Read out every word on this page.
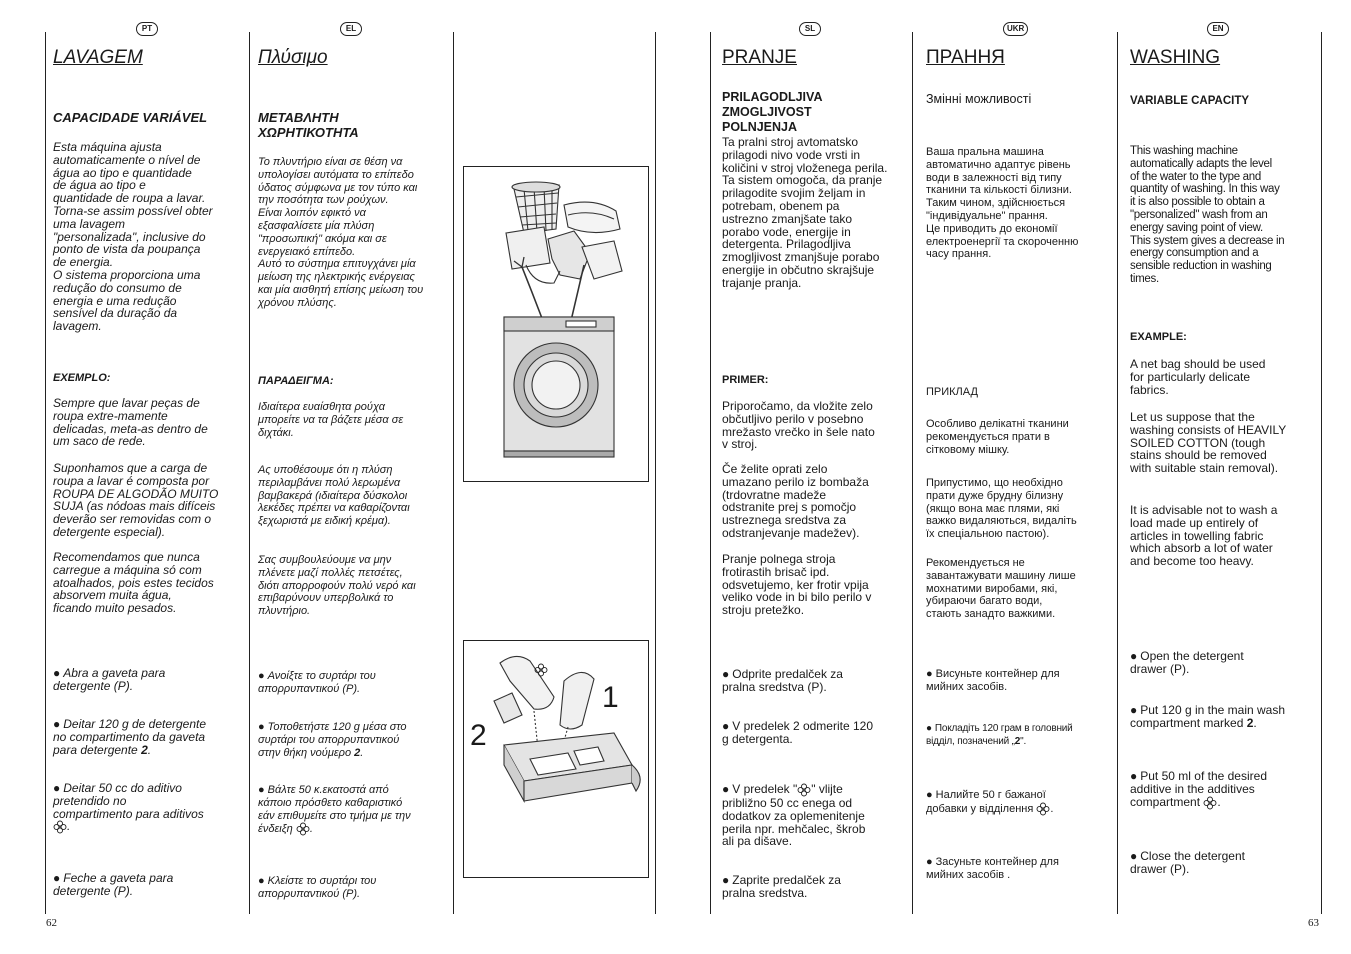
PT	EL	SL	UKR	EN
LAVAGEM
CAPACIDADE VARIÁVEL
Esta máquina ajusta
automaticamente o nível de
água ao tipo e quantidade
de água ao tipo e
quantidade de roupa a lavar.
Torna-se assim possível obter
uma lavagem
"personalizada", inclusive do
ponto de vista da poupança
de energia.
O sistema proporciona uma
redução do consumo de
energia e uma redução
sensível da duração da
lavagem.
EXEMPLO:
Sempre que lavar peças de
roupa extre-mamente
delicadas, meta-as dentro de
um saco de rede.
Suponhamos que a carga de
roupa a lavar é composta por
ROUPA DE ALGODÃO MUITO
SUJA (as nódoas mais difíceis
deverão ser removidas com o
detergente especial).
Recomendamos que nunca
carregue a máquina só com
atoalhados, pois estes tecidos
absorvem muita água,
ficando muito pesados.
● Abra a gaveta para
detergente (P).
● Deitar 120 g de detergente
no compartimento da gaveta
para detergente 2.
● Deitar 50 cc do aditivo
pretendido no
compartimento para aditivos
.
● Feche a gaveta para
detergente (P).
Πλύσιμο
ΜΕΤΑΒΛΗΤΗ
ΧΩΡΗΤΙΚΟΤΗΤΑ
Το πλυντήριο είναι σε θέση να
υπολογίσει αυτόματα το επίπεδο
ύδατος σύμφωνα με τον τύπο και
την ποσότητα των ρούχων.
Είναι λοιπόν εφικτό να
εξασφαλίσετε μία πλύση
"προσωπική" ακόμα και σε
ενεργειακό επίπεδο.
Αυτό το σύστημα επιτυγχάνει μία
μείωση της ηλεκτρικής ενέργειας
και μία αισθητή επίσης μείωση του
χρόνου πλύσης.
ΠΑΡΑΔΕΙΓΜΑ:
Ιδιαίτερα ευαίσθητα ρούχα
μπορείτε να τα βάζετε μέσα σε
διχτάκι.
Ας υποθέσουμε ότι η πλύση
περιλαμβάνει πολύ λερωμένα
βαμβακερά (ιδιαίτερα δύσκολοι
λεκέδες πρέπει να καθαρίζονται
ξεχωριστά με ειδική κρέμα).
Σας συμβουλεύουμε να μην
πλένετε μαζί πολλές πετσέτες,
διότι απορροφούν πολύ νερό και
επιβαρύνουν υπερβολικά το
πλυντήριο.
● Ανοίξτε το συρτάρι του
απορρυπαντικού (P).
● Τοποθετήστε 120 g μέσα στο
συρτάρι του απορρυπαντικού
στην θήκη νούμερο 2.
● Βάλτε 50 κ.εκατοστά από
κάποιο πρόσθετο καθαριστικό
εάν επιθυμείτε στο τμήμα με την
ένδειξη .
● Κλείστε το συρτάρι του
απορρυπαντικού (P).
1
2
PRANJE
PRILAGODLJIVA
ZMOGLJIVOST
POLNJENJA
Ta pralni stroj avtomatsko
prilagodi nivo vode vrsti in
količini v stroj vloženega perila.
Ta sistem omogoča, da pranje
prilagodite svojim željam in
potrebam, obenem pa
ustrezno zmanjšate tako
porabo vode, energije in
detergenta. Prilagodljiva
zmogljivost zmanjšuje porabo
energije in občutno skrajšuje
trajanje pranja.
PRIMER:
Priporočamo, da vložite zelo
občutljivo perilo v posebno
mrežasto vrečko in šele nato
v stroj.
Če želite oprati zelo
umazano perilo iz bombaža
(trdovratne madeže
odstranite prej s pomočjo
ustreznega sredstva za
odstranjevanje madežev).
Pranje polnega stroja
frotirastih brisač ipd.
odsvetujemo, ker frotir vpija
veliko vode in bi bilo perilo v
stroju pretežko.
● Odprite predalček za
pralna sredstva (P).
● V predelek 2 odmerite 120
g detergenta.
● V predelek " " vlijte
približno 50 cc enega od
dodatkov za oplemenitenje
perila npr. mehčalec, škrob
ali pa dišave.
● Zaprite predalček za
pralna sredstva.
ПРАННЯ
Змінні можливості
Ваша пральна машина
автоматично адаптує рівень
води в залежності від типу
тканини та кількості білизни.
Таким чином, здійснюється
"індивідуальне" прання.
Це приводить до економії
електроенергії та скороченню
часу прання.
ПРИКЛАД
Особливо делікатні тканини
рекомендується прати в
сітковому мішку.
Припустимо, що необхідно
прати дуже брудну білизну
(якщо вона має плями, які
важко видаляються, видаліть
їх спеціальною пастою).
Рекомендується не
завантажувати машину лише
мохнатими виробами, які,
убираючи багато води,
стають занадто важкими.
● Висуньте контейнер для
мийних засобів.
● Покладіть 120 грам в головний
відділ, позначений „2".
● Налийте 50 г бажаної
добавки у відділення .
● Засуньте контейнер для
мийних засобів .
WASHING
VARIABLE CAPACITY
This washing machine
automatically adapts the level
of the water to the type and
quantity of washing. In this way
it is also possible to obtain a
"personalized" wash from an
energy saving point of view.
This system gives a decrease in
energy consumption and a
sensible reduction in washing
times.
EXAMPLE:
A net bag should be used
for particularly delicate
fabrics.
Let us suppose that the
washing consists of HEAVILY
SOILED COTTON (tough
stains should be removed
with suitable stain removal).
It is advisable not to wash a
load made up entirely of
articles in towelling fabric
which absorb a lot of water
and become too heavy.
● Open the detergent
drawer (P).
● Put 120 g in the main wash
compartment marked 2.
● Put 50 ml of the desired
additive in the additives
compartment .
● Close the detergent
drawer (P).
62	63
